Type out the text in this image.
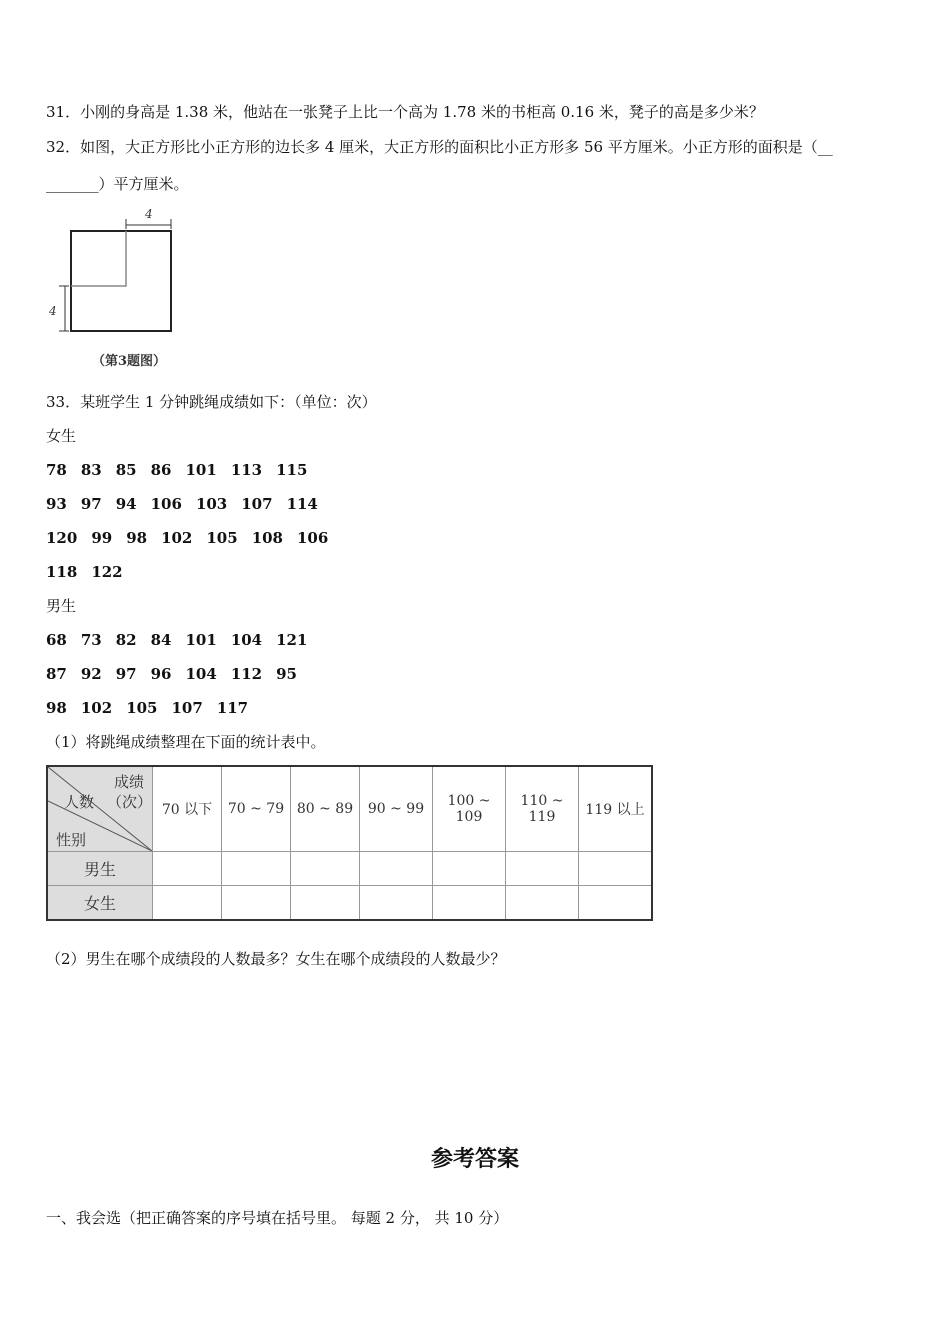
31．小刚的身高是 1.38 米，他站在一张凳子上比一个高为 1.78 米的书柜高 0.16 米，凳子的高是多少米？
32．如图，大正方形比小正方形的边长多 4 厘米，大正方形的面积比小正方形多 56 平方厘米。小正方形的面积是（__
_______）平方厘米。
4
4
（第3题图）
33．某班学生 1 分钟跳绳成绩如下：（单位：次）
女生
78 83 85 86 101 113 115
93 97 94 106 103 107 114
120 99 98 102 105 108 106
118 122
男生
68 73 82 84 101 104 121
87 92 97 96 104 112 95
98 102 105 107 117
（1）将跳绳成绩整理在下面的统计表中。
成绩
（次）
人数
性别	70 以下	70 ~ 79	80 ~ 89	90 ~ 99	100 ~ 109	110 ~ 119	119 以上
男生							
女生							
（2）男生在哪个成绩段的人数最多？女生在哪个成绩段的人数最少？
参考答案
一、我会选（把正确答案的序号填在括号里。 每题 2 分， 共 10 分）
